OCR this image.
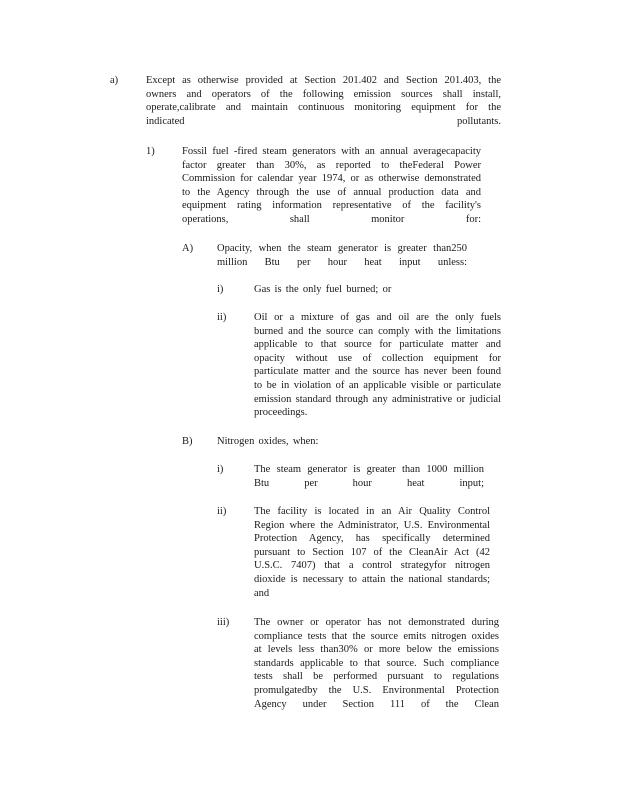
a)	Except as otherwise provided at Section 201.402 and Section 201.403, the owners and operators of the following emission sources shall install, operate,calibrate and maintain continuous monitoring equipment for the indicated pollutants.
1)	Fossil fuel -fired steam generators with an annual averagecapacity factor greater than 30%, as reported to theFederal Power Commission for calendar year 1974, or as otherwise demonstrated to the Agency through the use of annual production data and equipment rating information representative of the facility's operations, shall monitor for:
A) Opacity, when the steam generator is greater than250 million Btu per hour heat input unless:
i)	Gas is the only fuel burned; or
ii)	Oil or a mixture of gas and oil are the only fuels burned and the source can comply with the limitations applicable to that source for particulate matter and opacity without use of collection equipment for particulate matter and the source has never been found to be in violation of an applicable visible or particulate emission standard through any administrative or judicial proceedings.
B) Nitrogen oxides, when:
i)	The steam generator is greater than 1000 million Btu per hour heat input;
ii)	The facility is located in an Air Quality Control Region where the Administrator, U.S. Environmental Protection Agency, has specifically determined pursuant to Section 107 of the CleanAir Act (42 U.S.C. 7407) that a control strategyfor nitrogen dioxide is necessary to attain the national standards; and
iii) The owner or operator has not demonstrated during compliance tests that the source emits nitrogen oxides at levels less than30% or more below the emissions standards applicable to that source. Such compliance tests shall be performed pursuant to regulations promulgatedby the U.S. Environmental Protection Agency under Section 111 of the Clean
